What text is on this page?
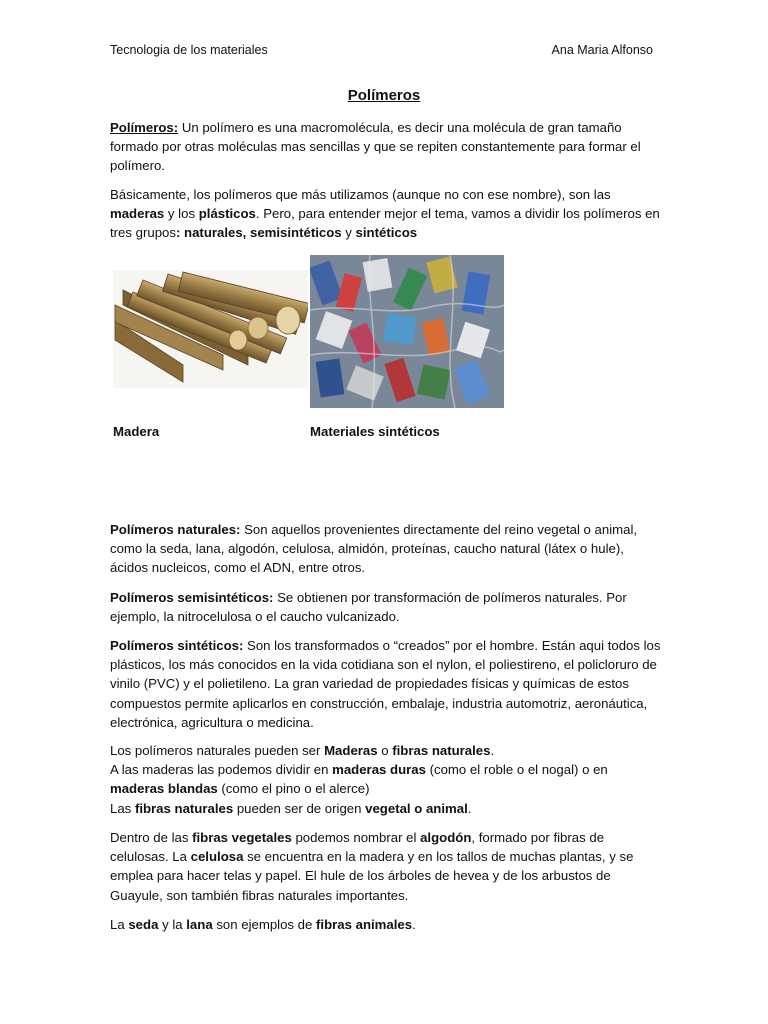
Tecnologia de los materiales	Ana Maria Alfonso
Polímeros

Polímeros: Un polímero es una macromolécula, es decir una molécula de gran tamaño formado por otras moléculas mas sencillas y que se repiten constantemente para formar el polímero.

Básicamente, los polímeros que más utilizamos (aunque no con ese nombre), son las maderas y los plásticos. Pero, para entender mejor el tema, vamos a dividir los polímeros en tres grupos: naturales, semisintéticos y sintéticos

Madera	Materiales sintéticos

Polímeros naturales: Son aquellos provenientes directamente del reino vegetal o animal, como la seda, lana, algodón, celulosa, almidón, proteínas, caucho natural (látex o hule), ácidos nucleicos, como el ADN, entre otros.

Polímeros semisintéticos: Se obtienen por transformación de polímeros naturales. Por ejemplo, la nitrocelulosa o el caucho vulcanizado.

Polímeros sintéticos: Son los transformados o “creados” por el hombre. Están aqui todos los plásticos, los más conocidos en la vida cotidiana son el nylon, el poliestireno, el policloruro de vinilo (PVC) y el polietileno. La gran variedad de propiedades físicas y químicas de estos compuestos permite aplicarlos en construcción, embalaje, industria automotriz, aeronáutica, electrónica, agricultura o medicina.

Los polímeros naturales pueden ser Maderas o fibras naturales.
A las maderas las podemos dividir en maderas duras (como el roble o el nogal) o en maderas blandas (como el pino o el alerce)
Las fibras naturales pueden ser de origen vegetal o animal.

Dentro de las fibras vegetales podemos nombrar el algodón, formado por fibras de celulosas. La celulosa se encuentra en la madera y en los tallos de muchas plantas, y se emplea para hacer telas y papel. El hule de los árboles de hevea y de los arbustos de Guayule, son también fibras naturales importantes.

La seda y la lana son ejemplos de fibras animales.
